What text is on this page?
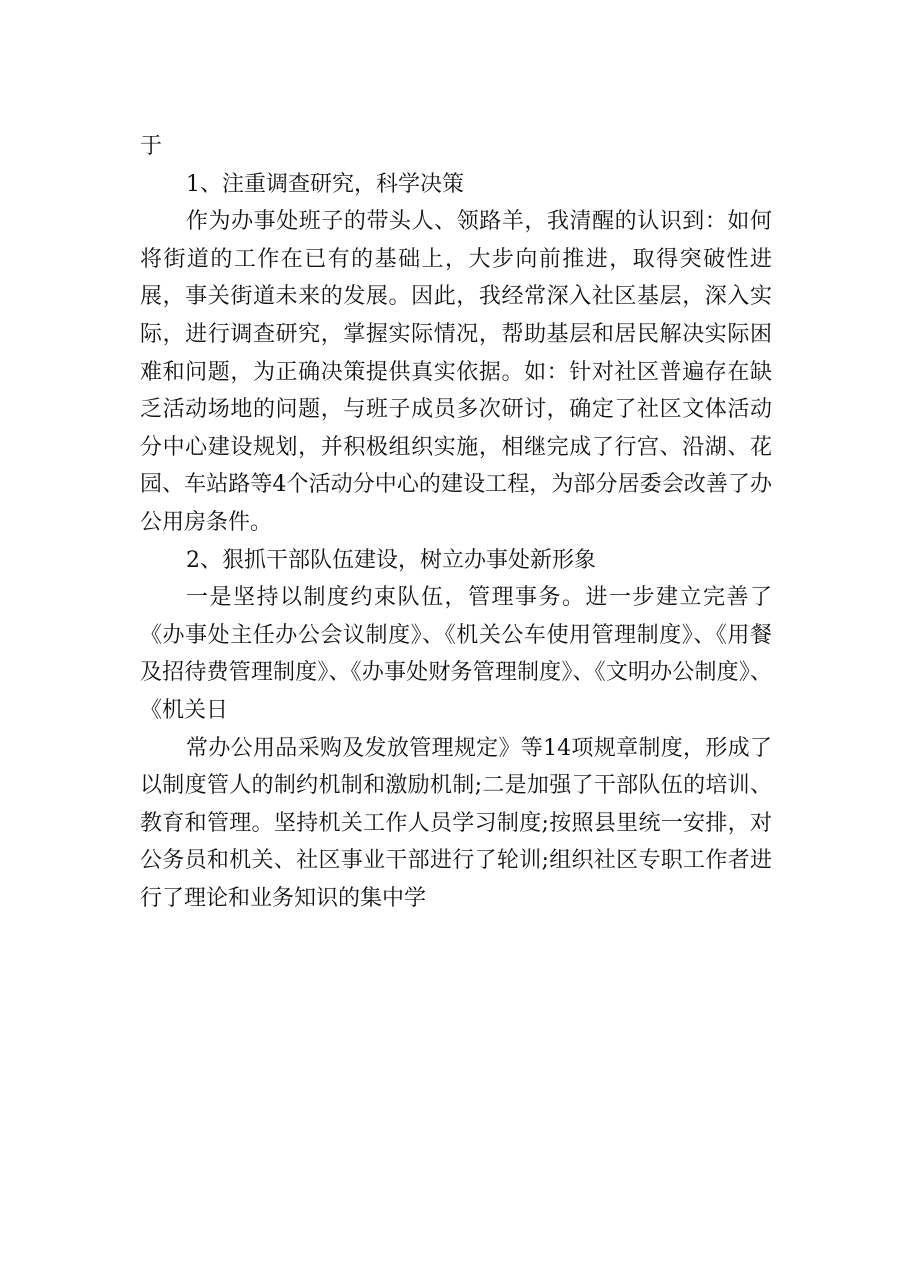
于

1、注重调查研究，科学决策

作为办事处班子的带头人、领路羊，我清醒的认识到：如何将街道的工作在已有的基础上，大步向前推进，取得突破性进展，事关街道未来的发展。因此，我经常深入社区基层，深入实际，进行调查研究，掌握实际情况，帮助基层和居民解决实际困难和问题，为正确决策提供真实依据。如：针对社区普遍存在缺乏活动场地的问题，与班子成员多次研讨，确定了社区文体活动分中心建设规划，并积极组织实施，相继完成了行宫、沿湖、花园、车站路等4个活动分中心的建设工程，为部分居委会改善了办公用房条件。

2、狠抓干部队伍建设，树立办事处新形象

一是坚持以制度约束队伍，管理事务。进一步建立完善了《办事处主任办公会议制度》、《机关公车使用管理制度》、《用餐及招待费管理制度》、《办事处财务管理制度》、《文明办公制度》、《机关日

常办公用品采购及发放管理规定》等14项规章制度，形成了以制度管人的制约机制和激励机制;二是加强了干部队伍的培训、教育和管理。坚持机关工作人员学习制度;按照县里统一安排，对公务员和机关、社区事业干部进行了轮训;组织社区专职工作者进行了理论和业务知识的集中学
